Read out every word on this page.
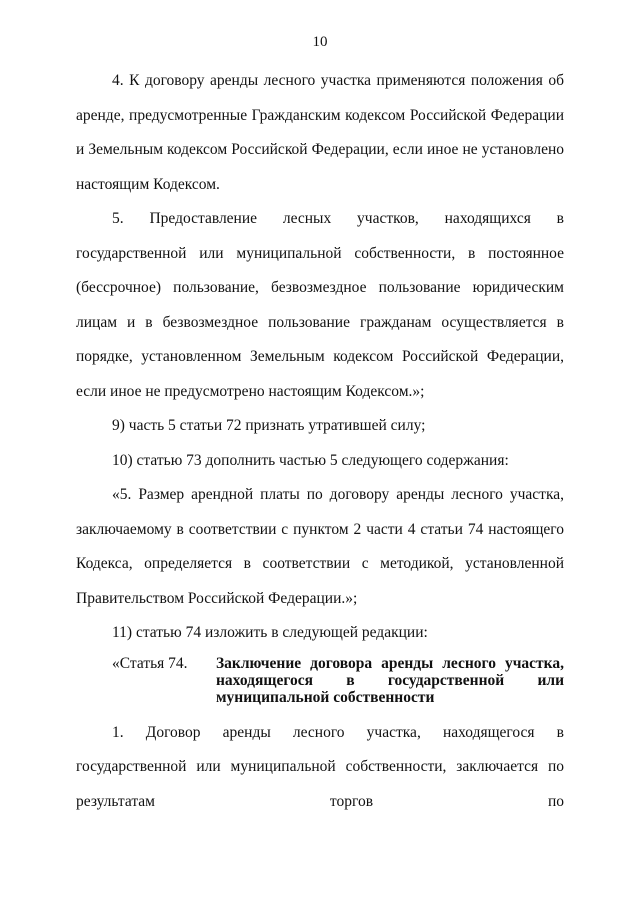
10

4. К договору аренды лесного участка применяются положения об аренде, предусмотренные Гражданским кодексом Российской Федерации и Земельным кодексом Российской Федерации, если иное не установлено настоящим Кодексом.

5. Предоставление лесных участков, находящихся в государственной или муниципальной собственности, в постоянное (бессрочное) пользование, безвозмездное пользование юридическим лицам и в безвозмездное пользование гражданам осуществляется в порядке, установленном Земельным кодексом Российской Федерации, если иное не предусмотрено настоящим Кодексом.»;

9) часть 5 статьи 72 признать утратившей силу;

10) статью 73 дополнить частью 5 следующего содержания:

«5. Размер арендной платы по договору аренды лесного участка, заключаемому в соответствии с пунктом 2 части 4 статьи 74 настоящего Кодекса, определяется в соответствии с методикой, установленной Правительством Российской Федерации.»;

11) статью 74 изложить в следующей редакции:

«Статья 74.	Заключение договора аренды лесного участка, находящегося в государственной или муниципальной собственности

1. Договор аренды лесного участка, находящегося в государственной или муниципальной собственности, заключается по результатам торгов по
